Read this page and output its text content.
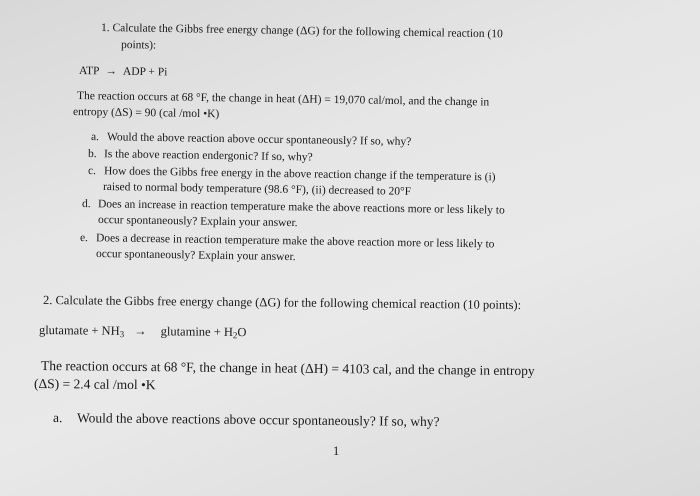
1. Calculate the Gibbs free energy change (ΔG) for the following chemical reaction (10
points):
ATP → ADP + Pi
The reaction occurs at 68 °F, the change in heat (ΔH) = 19,070 cal/mol, and the change in
entropy (ΔS) = 90 (cal /mol •K)
a. Would the above reaction above occur spontaneously? If so, why?
b. Is the above reaction endergonic? If so, why?
c. How does the Gibbs free energy in the above reaction change if the temperature is (i)
raised to normal body temperature (98.6 °F), (ii) decreased to 20°F
d. Does an increase in reaction temperature make the above reactions more or less likely to
occur spontaneously? Explain your answer.
e. Does a decrease in reaction temperature make the above reaction more or less likely to
occur spontaneously? Explain your answer.
2. Calculate the Gibbs free energy change (ΔG) for the following chemical reaction (10 points):
glutamate + $NH_3$ → glutamine + $H_2O$
The reaction occurs at 68 °F, the change in heat (ΔH) = 4103 cal, and the change in entropy
(ΔS) = 2.4 cal /mol •K
a. Would the above reactions above occur spontaneously? If so, why?
1
